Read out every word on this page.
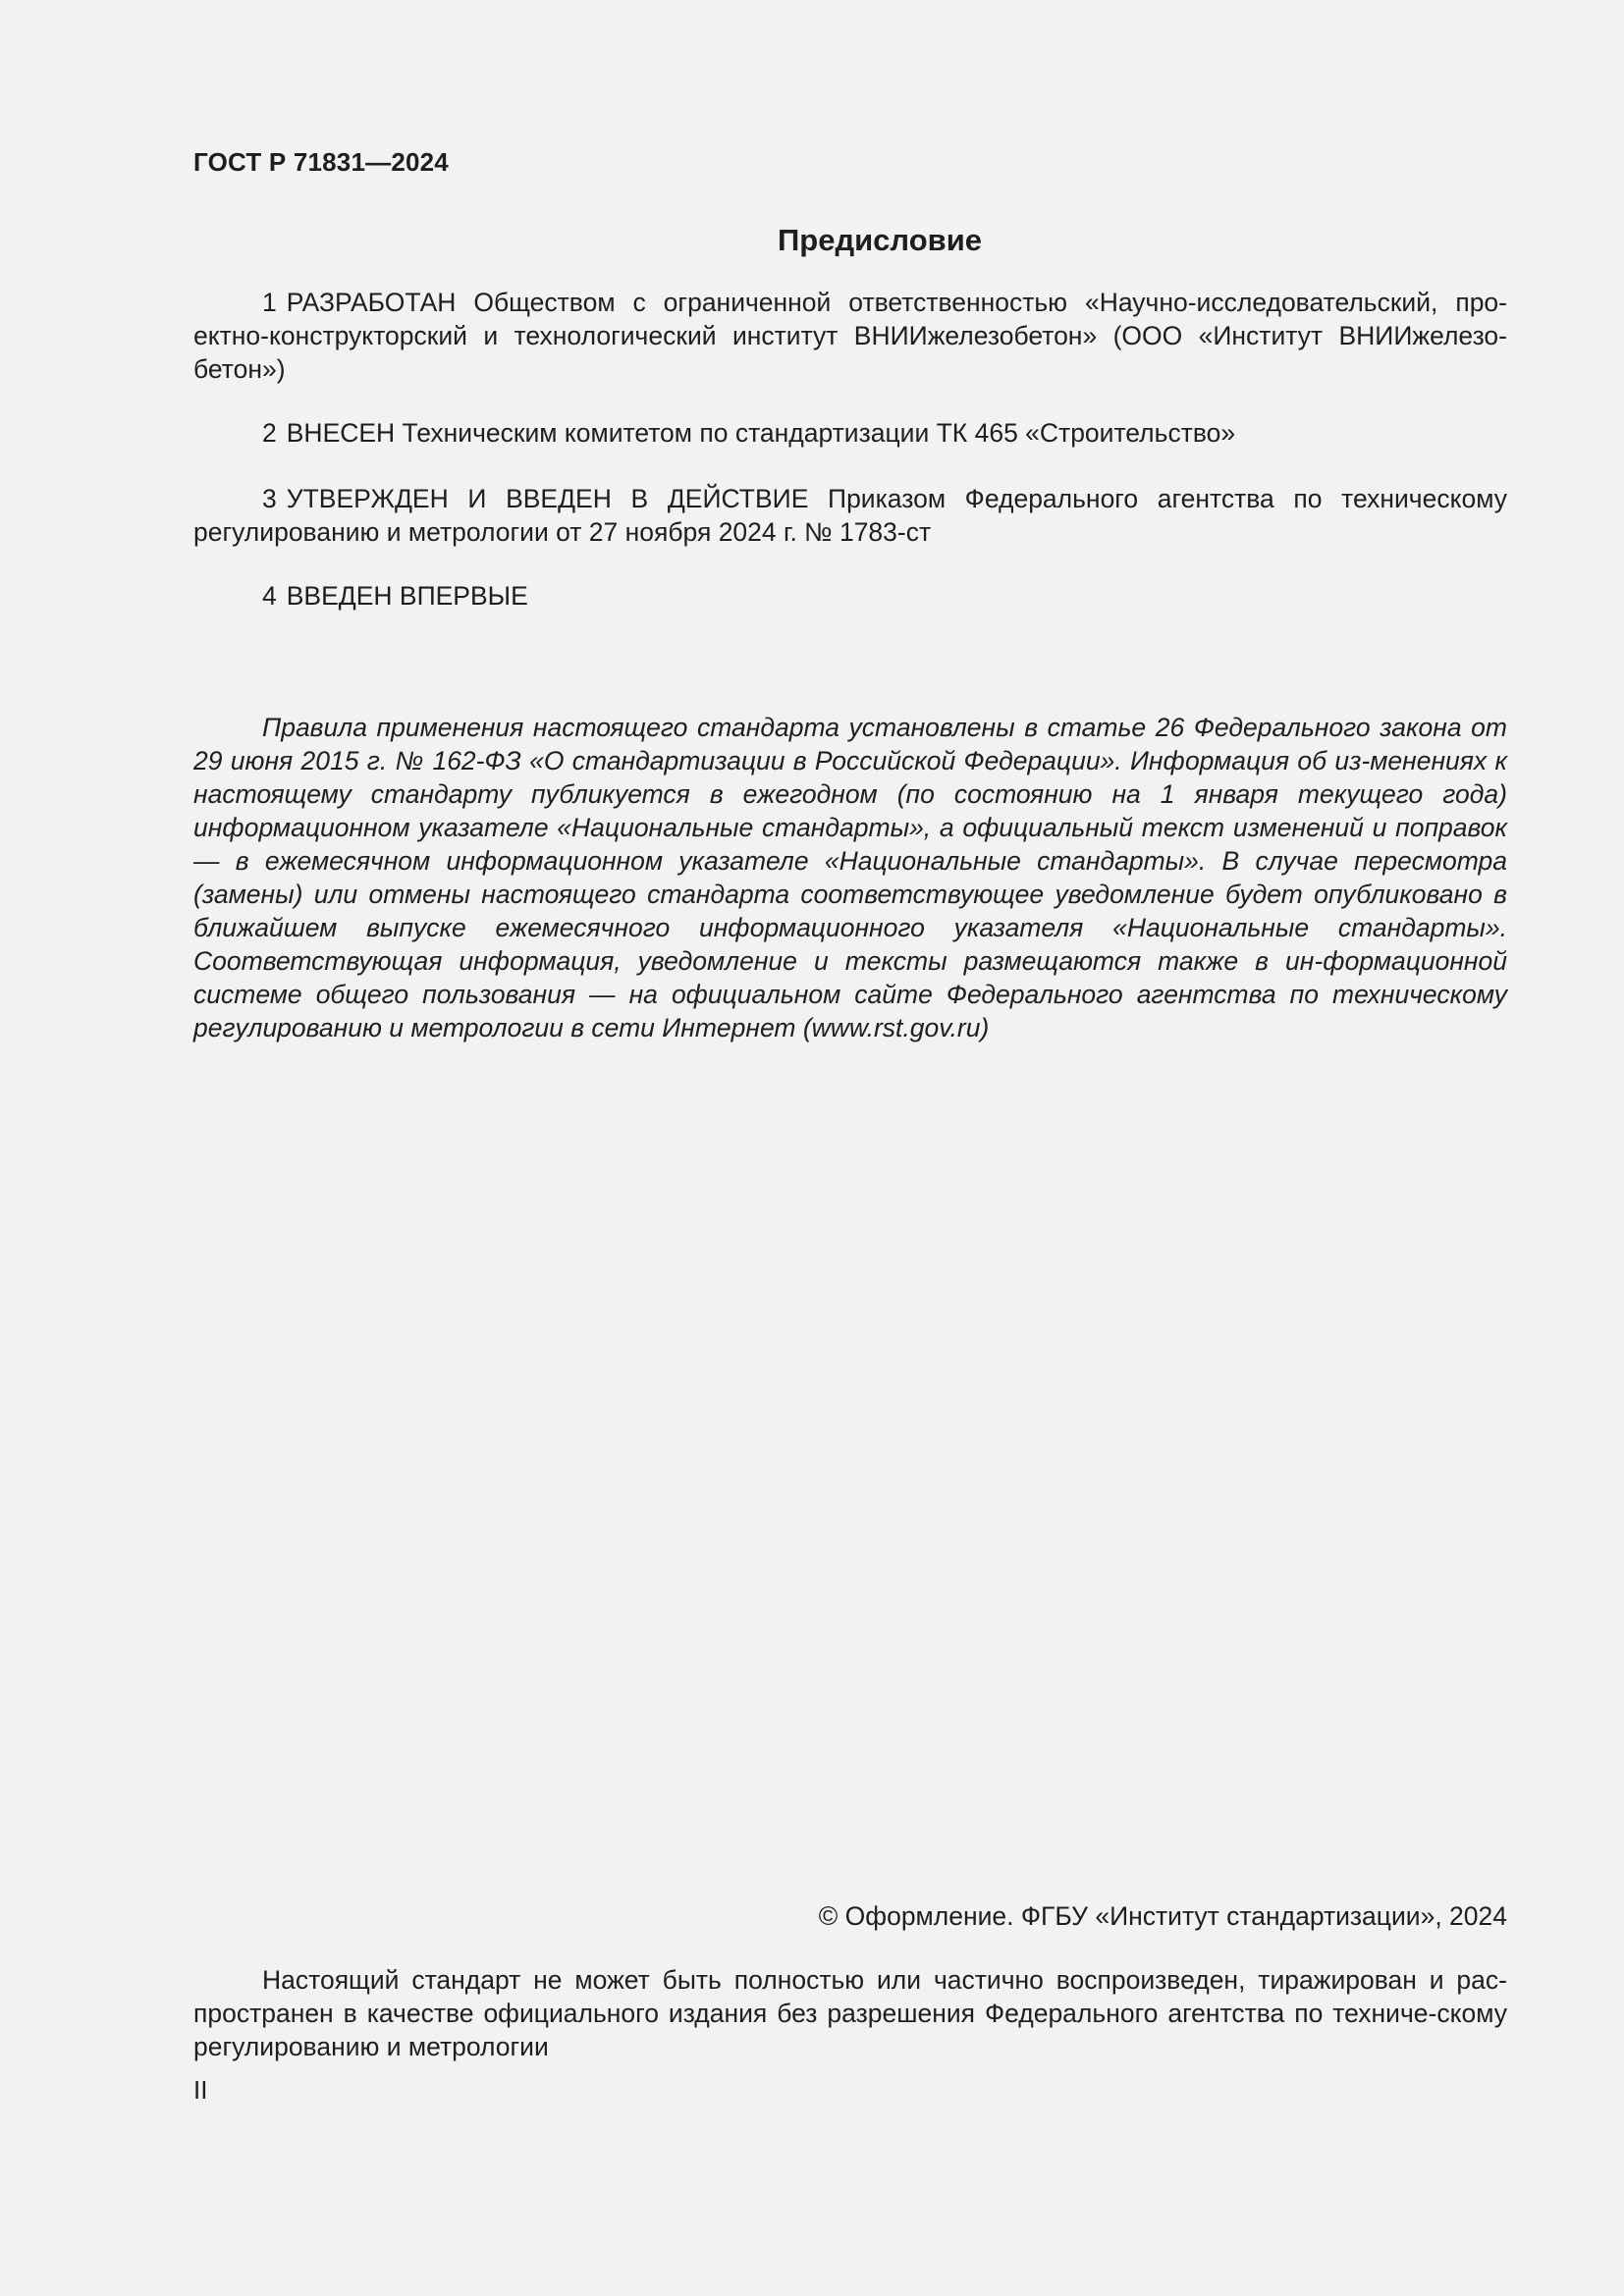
ГОСТ Р 71831—2024
Предисловие

1 РАЗРАБОТАН Обществом с ограниченной ответственностью «Научно-исследовательский, про-ектно-конструкторский и технологический институт ВНИИжелезобетон» (ООО «Институт ВНИИжелезо-бетон»)

2 ВНЕСЕН Техническим комитетом по стандартизации ТК 465 «Строительство»

3 УТВЕРЖДЕН И ВВЕДЕН В ДЕЙСТВИЕ Приказом Федерального агентства по техническому регулированию и метрологии от 27 ноября 2024 г. № 1783-ст

4 ВВЕДЕН ВПЕРВЫЕ

Правила применения настоящего стандарта установлены в статье 26 Федерального закона от 29 июня 2015 г. № 162-ФЗ «О стандартизации в Российской Федерации». Информация об из-менениях к настоящему стандарту публикуется в ежегодном (по состоянию на 1 января текущего года) информационном указателе «Национальные стандарты», а официальный текст изменений и поправок — в ежемесячном информационном указателе «Национальные стандарты». В случае пересмотра (замены) или отмены настоящего стандарта соответствующее уведомление будет опубликовано в ближайшем выпуске ежемесячного информационного указателя «Национальные стандарты». Соответствующая информация, уведомление и тексты размещаются также в ин-формационной системе общего пользования — на официальном сайте Федерального агентства по техническому регулированию и метрологии в сети Интернет (www.rst.gov.ru)

© Оформление. ФГБУ «Институт стандартизации», 2024

Настоящий стандарт не может быть полностью или частично воспроизведен, тиражирован и рас-пространен в качестве официального издания без разрешения Федерального агентства по техниче-скому регулированию и метрологии

II
